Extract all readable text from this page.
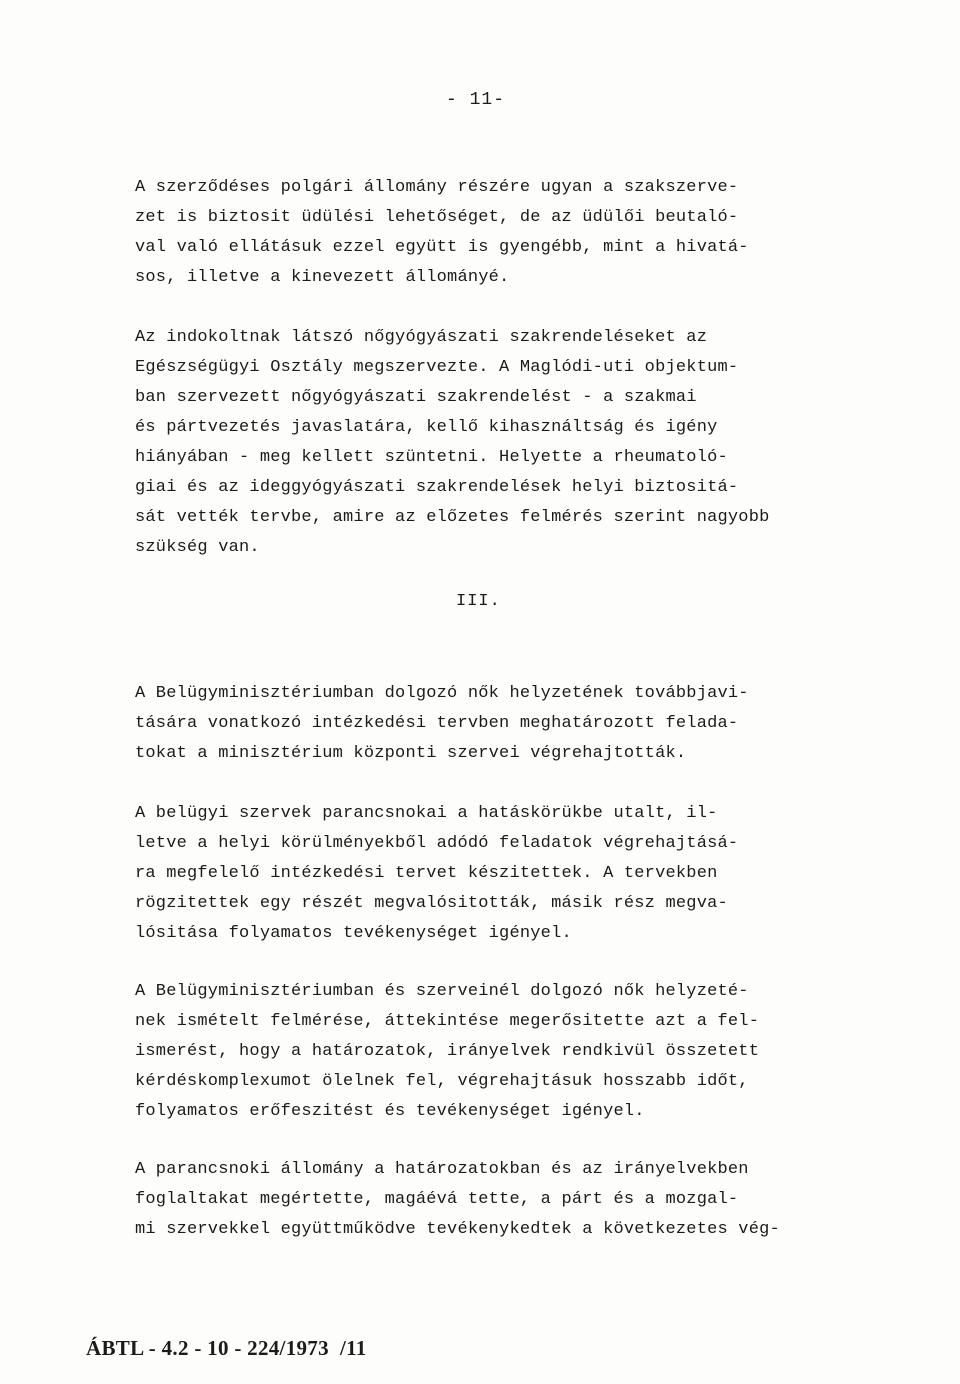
- 11-
A szerződéses polgári állomány részére ugyan a szakszerve-
zet is biztosit üdülési lehetőséget, de az üdülői beutaló-
val való ellátásuk ezzel együtt is gyengébb, mint a hivatá-
sos, illetve a kinevezett állományé.
Az indokoltnak látszó nőgyógyászati szakrendeléseket az
Egészségügyi Osztály megszervezte. A Maglódi-uti objektum-
ban szervezett nőgyógyászati szakrendelést - a szakmai
és pártvezetés javaslatára, kellő kihasználtság és igény
hiányában - meg kellett szüntetni. Helyette a rheumatoló-
giai és az ideggyógyászati szakrendelések helyi biztositá-
sát vették tervbe, amire az előzetes felmérés szerint nagyobb
szükség van.
III.
A Belügyminisztériumban dolgozó nők helyzetének továbbjavi-
tására vonatkozó intézkedési tervben meghatározott felada-
tokat a minisztérium központi szervei végrehajtották.
A belügyi szervek parancsnokai a hatáskörükbe utalt, il-
letve a helyi körülményekből adódó feladatok végrehajtásá-
ra megfelelő intézkedési tervet készitettek. A tervekben
rögzitettek egy részét megvalósitották, másik rész megva-
lósitása folyamatos tevékenységet igényel.
A Belügyminisztériumban és szerveinél dolgozó nők helyzeté-
nek ismételt felmérése, áttekintése megerősitette azt a fel-
ismerést, hogy a határozatok, irányelvek rendkivül összetett
kérdéskomplexumot ölelnek fel, végrehajtásuk hosszabb időt,
folyamatos erőfeszitést és tevékenységet igényel.
A parancsnoki állomány a határozatokban és az irányelvekben
foglaltakat megértette, magáévá tette, a párt és a mozgal-
mi szervekkel együttműködve tevékenykedtek a következetes vég-
ÁBTL - 4.2 - 10 - 224/1973  /11
